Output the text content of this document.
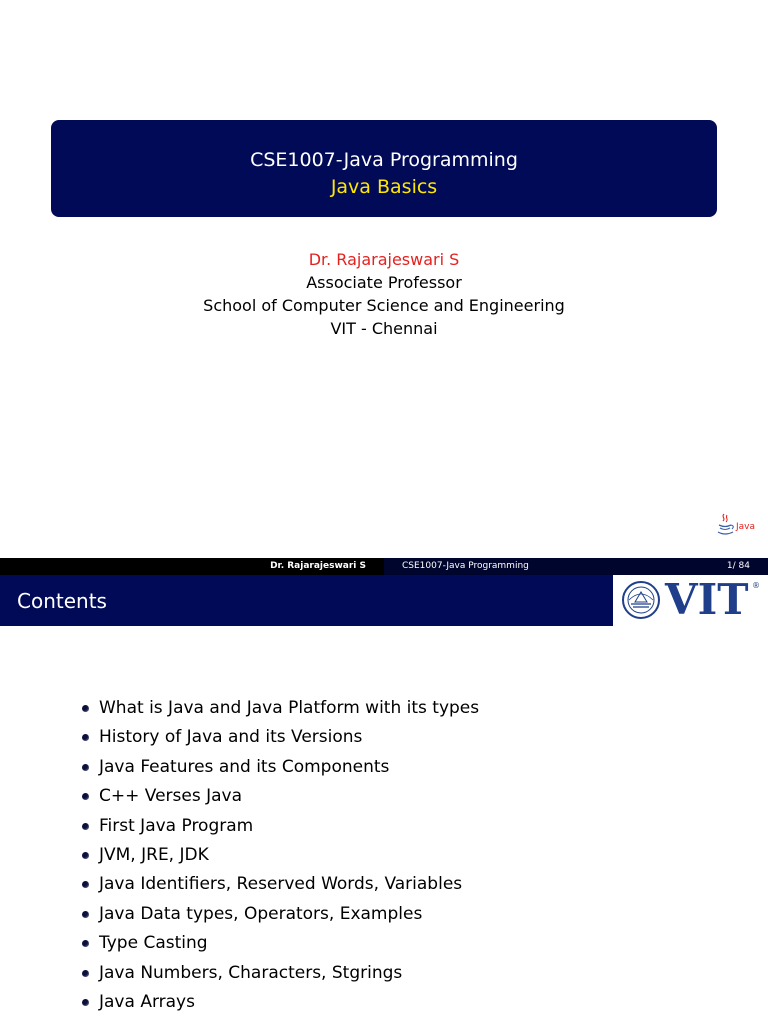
CSE1007-Java Programming
Java Basics
Dr. Rajarajeswari S
Associate Professor
School of Computer Science and Engineering
VIT - Chennai
Java
Dr. Rajarajeswari S	CSE1007-Java Programming	1/ 84
Contents	VIT ®
What is Java and Java Platform with its types
History of Java and its Versions
Java Features and its Components
C++ Verses Java
First Java Program
JVM, JRE, JDK
Java Identifiers, Reserved Words, Variables
Java Data types, Operators, Examples
Type Casting
Java Numbers, Characters, Stgrings
Java Arrays
